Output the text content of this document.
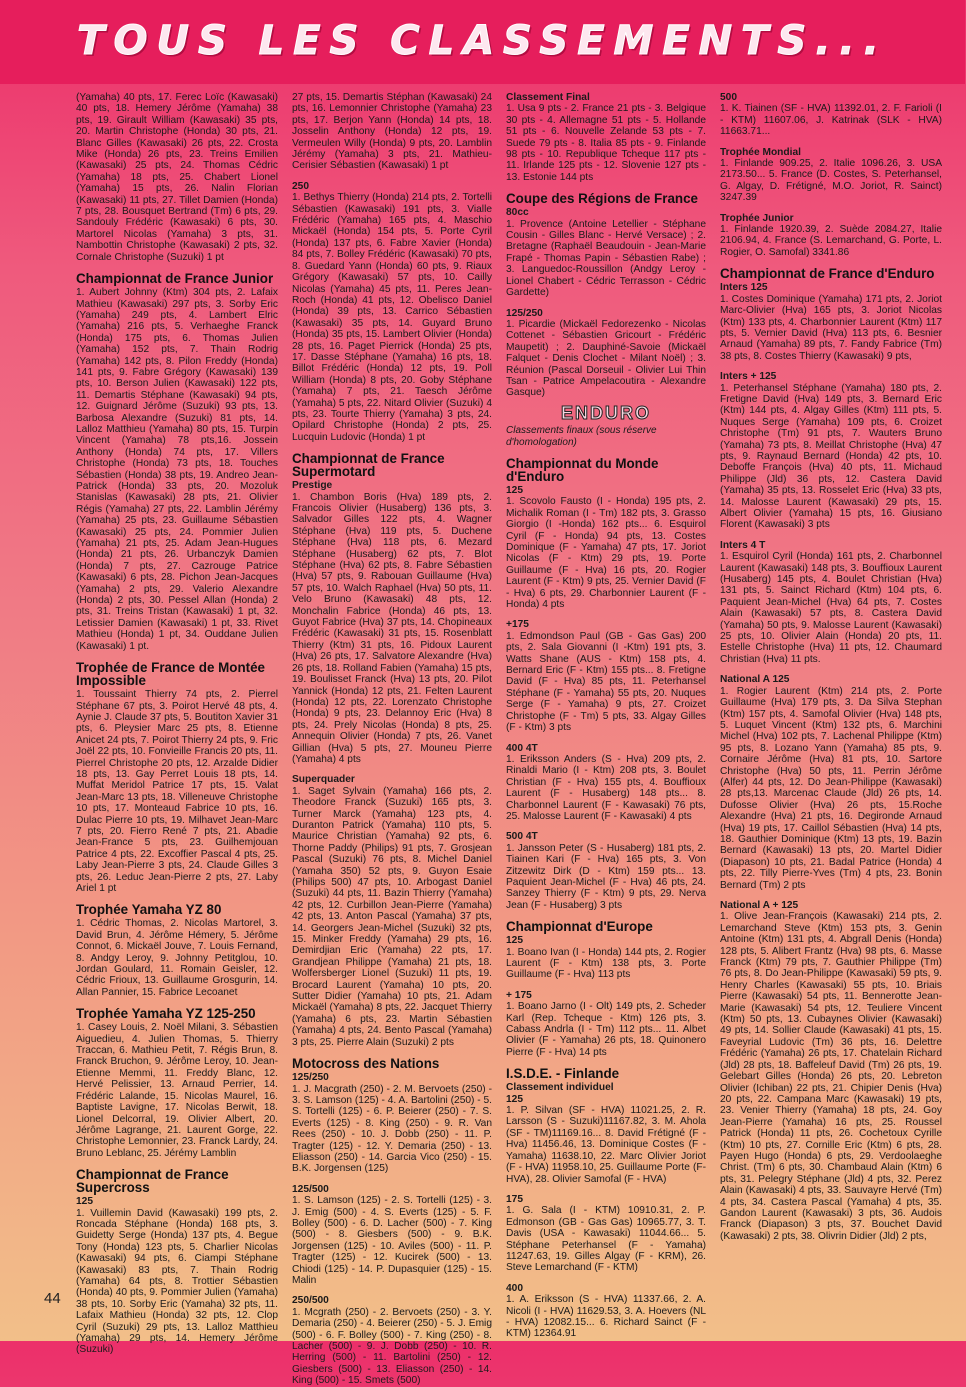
TOUS LES CLASSEMENTS...

(Yamaha) 40 pts, 17. Ferec Loïc (Kawasaki) 40 pts, 18. Hemery Jérôme (Yamaha) 38 pts, 19. Girault William (Kawasaki) 35 pts, 20. Martin Christophe (Honda) 30 pts, 21. Blanc Gilles (Kawasaki) 26 pts, 22. Crosta Mike (Honda) 26 pts, 23. Treins Emilien (Kawasaki) 25 pts, 24. Thomas Cédric (Yamaha) 18 pts, 25. Chabert Lionel (Yamaha) 15 pts, 26. Nalin Florian (Kawasaki) 11 pts, 27. Tillet Damien (Honda) 7 pts, 28. Bousquet Bertrand (Tm) 6 pts, 29. Sandouly Frédéric (Kawasaki) 6 pts, 30. Martorel Nicolas (Yamaha) 3 pts, 31. Nambottin Christophe (Kawasaki) 2 pts, 32. Cornale Christophe (Suzuki) 1 pt

Championnat de France Junior

1. Aubert Johnny (Ktm) 304 pts, 2. Lafaix Mathieu (Kawasaki) 297 pts, 3. Sorby Eric (Yamaha) 249 pts, 4. Lambert Elric (Yamaha) 216 pts, 5. Verhaeghe Franck (Honda) 175 pts, 6. Thomas Julien (Yamaha) 152 pts, 7. Thain Rodrig (Yamaha) 142 pts, 8. Pilon Freddy (Honda) 141 pts, 9. Fabre Grégory (Kawasaki) 139 pts, 10. Berson Julien (Kawasaki) 122 pts, 11. Demartis Stéphane (Kawasaki) 94 pts, 12. Guignard Jérôme (Suzuki) 93 pts, 13. Barbosa Alexandre (Suzuki) 81 pts, 14. Lalloz Matthieu (Yamaha) 80 pts, 15. Turpin Vincent (Yamaha) 78 pts,16. Jossein Anthony (Honda) 74 pts, 17. Villers Christophe (Honda) 73 pts, 18. Touches Sébastien (Honda) 38 pts, 19. Andreo Jean-Patrick (Honda) 33 pts, 20. Mozoluk Stanislas (Kawasaki) 28 pts, 21. Olivier Régis (Yamaha) 27 pts, 22. Lamblin Jérémy (Yamaha) 25 pts, 23. Guillaume Sébastien (Kawasaki) 25 pts, 24. Pommier Julien (Yamaha) 21 pts, 25. Adam Jean-Hugues (Honda) 21 pts, 26. Urbanczyk Damien (Honda) 7 pts, 27. Cazrouge Patrice (Kawasaki) 6 pts, 28. Pichon Jean-Jacques (Yamaha) 2 pts, 29. Valerio Alexandre (Honda) 2 pts, 30. Pessel Allan (Honda) 2 pts, 31. Treins Tristan (Kawasaki) 1 pt, 32. Letissier Damien (Kawasaki) 1 pt, 33. Rivet Mathieu (Honda) 1 pt, 34. Ouddane Julien (Kawasaki) 1 pt.

Trophée de France de Montée Impossible

1. Toussaint Thierry 74 pts, 2. Pierrel Stéphane 67 pts, 3. Poirot Hervé 48 pts, 4. Aynie J. Claude 37 pts, 5. Boutiton Xavier 31 pts, 6. Pleysier Marc 25 pts, 8. Etienne Anicet 24 pts, 7. Poirot Thierry 24 pts, 9. Fric Joël 22 pts, 10. Fonvieille Francis 20 pts, 11. Pierrel Christophe 20 pts, 12. Arzalde Didier 18 pts, 13. Gay Perret Louis 18 pts, 14. Muffat Meridol Patrice 17 pts, 15. Valat Jean-Marc 13 pts, 18. Villeneuve Christophe 10 pts, 17. Monteaud Fabrice 10 pts, 16. Dulac Pierre 10 pts, 19. Milhavet Jean-Marc 7 pts, 20. Fierro René 7 pts, 21. Abadie Jean-France 5 pts, 23. Guilhemjouan Patrice 4 pts, 22. Excoffier Pascal 4 pts, 25. Laby Jean-Pierre 3 pts, 24. Claude Gilles 3 pts, 26. Leduc Jean-Pierre 2 pts, 27. Laby Ariel 1 pt

Trophée Yamaha YZ 80

1. Cédric Thomas, 2. Nicolas Martorel, 3. David Brun, 4. Jérôme Hémery, 5. Jérôme Connot, 6. Mickaël Jouve, 7. Louis Fernand, 8. Andgy Leroy, 9. Johnny Petitglou, 10. Jordan Goulard, 11. Romain Geisler, 12. Cédric Frioux, 13. Guillaume Grosgurin, 14. Allan Pannier, 15. Fabrice Lecoanet

Trophée Yamaha YZ 125-250

1. Casey Louis, 2. Noël Milani, 3. Sébastien Aiguedieu, 4. Julien Thomas, 5. Thierry Traccan, 6. Mathieu Petit, 7. Régis Brun, 8. Franck Bruchon, 9. Jérôme Leroy, 10. Jean-Etienne Memmi, 11. Freddy Blanc, 12. Hervé Pelissier, 13. Arnaud Perrier, 14. Frédéric Lalande, 15. Nicolas Maurel, 16. Baptiste Lavigne, 17. Nicolas Berwit, 18. Lionel Delcorral, 19. Olivier Albert, 20. Jérôme Lagrange, 21. Laurent Gorge, 22. Christophe Lemonnier, 23. Franck Lardy, 24. Bruno Leblanc, 25. Jérémy Lamblin

Championnat de France Supercross
125

1. Vuillemin David (Kawasaki) 199 pts, 2. Roncada Stéphane (Honda) 168 pts, 3. Guidetty Serge (Honda) 137 pts, 4. Begue Tony (Honda) 123 pts, 5. Charlier Nicolas (Kawasaki) 94 pts, 6. Ciampi Stéphane (Kawasaki) 83 pts, 7. Thain Rodrig (Yamaha) 64 pts, 8. Trottier Sébastien (Honda) 40 pts, 9. Pommier Julien (Yamaha) 38 pts, 10. Sorby Eric (Yamaha) 32 pts, 11. Lafaix Mathieu (Honda) 32 pts, 12. Clop Cyril (Suzuki) 29 pts, 13. Lalloz Matthieu (Yamaha) 29 pts, 14. Hemery Jérôme (Suzuki)

27 pts, 15. Demartis Stéphan (Kawasaki) 24 pts, 16. Lemonnier Christophe (Yamaha) 23 pts, 17. Berjon Yann (Honda) 14 pts, 18. Josselin Anthony (Honda) 12 pts, 19. Vermeulen Willy (Honda) 9 pts, 20. Lamblin Jérémy (Yamaha) 3 pts, 21. Mathieu-Cerisier Sébastien (Kawasaki) 1 pt

250

1. Bethys Thierry (Honda) 214 pts, 2. Tortelli Sébastien (Kawasaki) 191 pts, 3. Vialle Frédéric (Yamaha) 165 pts, 4. Maschio Mickaël (Honda) 154 pts, 5. Porte Cyril (Honda) 137 pts, 6. Fabre Xavier (Honda) 84 pts, 7. Bolley Frédéric (Kawasaki) 70 pts, 8. Guedard Yann (Honda) 60 pts, 9. Riaux Grégory (Kawasaki) 57 pts, 10. Cailly Nicolas (Yamaha) 45 pts, 11. Peres Jean-Roch (Honda) 41 pts, 12. Obelisco Daniel (Honda) 39 pts, 13. Carrico Sébastien (Kawasaki) 35 pts, 14. Guyard Bruno (Honda) 35 pts, 15. Lambert Olivier (Honda) 28 pts, 16. Paget Pierrick (Honda) 25 pts, 17. Dasse Stéphane (Yamaha) 16 pts, 18. Billot Frédéric (Honda) 12 pts, 19. Poll William (Honda) 8 pts, 20. Goby Stéphane (Yamaha) 7 pts, 21. Taesch Jérôme (Yamaha) 5 pts, 22. Nitard Olivier (Suzuki) 4 pts, 23. Tourte Thierry (Yamaha) 3 pts, 24. Opilard Christophe (Honda) 2 pts, 25. Lucquin Ludovic (Honda) 1 pt

Championnat de France Supermotard
Prestige

1. Chambon Boris (Hva) 189 pts, 2. Francois Olivier (Husaberg) 136 pts, 3. Salvador Gilles 122 pts, 4. Wagner Stéphane (Hva) 119 pts, 5. Duchene Stéphane (Hva) 118 pts, 6. Mezard Stéphane (Husaberg) 62 pts, 7. Blot Stéphane (Hva) 62 pts, 8. Fabre Sébastien (Hva) 57 pts, 9. Rabouan Guillaume (Hva) 57 pts, 10. Walch Raphael (Hva) 50 pts, 11. Velo Bruno (Kawasaki) 48 pts, 12. Monchalin Fabrice (Honda) 46 pts, 13. Guyot Fabrice (Hva) 37 pts, 14. Chopineaux Frédéric (Kawasaki) 31 pts, 15. Rosenblatt Thierry (Ktm) 31 pts, 16. Pidoux Laurent (Hva) 26 pts, 17. Salvatore Alexandre (Hva) 26 pts, 18. Rolland Fabien (Yamaha) 15 pts, 19. Boulisset Franck (Hva) 13 pts, 20. Pilot Yannick (Honda) 12 pts, 21. Felten Laurent (Honda) 12 pts, 22. Lorenzato Christophe (Honda) 9 pts, 23. Delannoy Eric (Hva) 8 pts, 24. Prely Nicolas (Honda) 8 pts, 25. Annequin Olivier (Honda) 7 pts, 26. Vanet Gillian (Hva) 5 pts, 27. Mouneu Pierre (Yamaha) 4 pts

Superquader

1. Saget Sylvain (Yamaha) 166 pts, 2. Theodore Franck (Suzuki) 165 pts, 3. Turner Marck (Yamaha) 123 pts, 4. Duranton Patrick (Yamaha) 110 pts, 5. Maurice Christian (Yamaha) 92 pts, 6. Thorne Paddy (Philips) 91 pts, 7. Grosjean Pascal (Suzuki) 76 pts, 8. Michel Daniel (Yamaha 350) 52 pts, 9. Guyon Esaie (Philips 500) 47 pts, 10. Arbogast Daniel (Suzuki) 44 pts, 11. Bazin Thierry (Yamaha) 42 pts, 12. Curbillon Jean-Pierre (Yamaha) 42 pts, 13. Anton Pascal (Yamaha) 37 pts, 14. Georgers Jean-Michel (Suzuki) 32 pts, 15. Minker Freddy (Yamaha) 29 pts, 16. Demirdjian Eric (Yamaha) 22 pts, 17. Grandjean Philippe (Yamaha) 21 pts, 18. Wolfersberger Lionel (Suzuki) 11 pts, 19. Brocard Laurent (Yamaha) 10 pts, 20. Sutter Didier (Yamaha) 10 pts, 21. Adam Mickaël (Yamaha) 8 pts, 22. Jacquet Thierry (Yamaha) 6 pts, 23. Martin Sébastien (Yamaha) 4 pts, 24. Bento Pascal (Yamaha) 3 pts, 25. Pierre Alain (Suzuki) 2 pts

Motocross des Nations
125/250

1. J. Macgrath (250) - 2. M. Bervoets (250) - 3. S. Lamson (125) - 4. A. Bartolini (250) - 5. S. Tortelli (125) - 6. P. Beierer (250) - 7. S. Everts (125) - 8. King (250) - 9. R. Van Rees (250) - 10. J. Dobb (250) - 11. P. Tragter (125) - 12. Y. Demaria (250) - 13. Eliasson (250) - 14. Garcia Vico (250) - 15. B.K. Jorgensen (125)

125/500

1. S. Lamson (125) - 2. S. Tortelli (125) - 3. J. Emig (500) - 4. S. Everts (125) - 5. F. Bolley (500) - 6. D. Lacher (500) - 7. King (500) - 8. Giesbers (500) - 9. B.K. Jorgensen (125) - 10. Aviles (500) - 11. P. Tragter (125) - 12. Kucirek (500) - 13. Chiodi (125) - 14. P. Dupasquier (125) - 15. Malin

250/500

1. Mcgrath (250) - 2. Bervoets (250) - 3. Y. Demaria (250) - 4. Beierer (250) - 5. J. Emig (500) - 6. F. Bolley (500) - 7. King (250) - 8. Lacher (500) - 9. J. Dobb (250) - 10. R. Herring (500) - 11. Bartolini (250) - 12. Giesbers (500) - 13. Eliasson (250) - 14. King (500) - 15. Smets (500)

Classement Final

1. Usa 9 pts - 2. France 21 pts - 3. Belgique 30 pts - 4. Allemagne 51 pts - 5. Hollande 51 pts - 6. Nouvelle Zelande 53 pts - 7. Suede 79 pts - 8. Italia 85 pts - 9. Finlande 98 pts - 10. Republique Tcheque 117 pts - 11. Irlande 125 pts - 12. Slovenie 127 pts - 13. Estonie 144 pts

Coupe des Régions de France
80cc

1. Provence (Antoine Letellier - Stéphane Cousin - Gilles Blanc - Hervé Versace) ; 2. Bretagne (Raphaël Beaudouin - Jean-Marie Frapé - Thomas Papin - Sébastien Rabe) ; 3. Languedoc-Roussillon (Andgy Leroy - Lionel Chabert - Cédric Terrasson - Cédric Gardette)

125/250

1. Picardie (Mickaël Fedorezenko - Nicolas Cottenet - Sébastien Gricourt - Frédéric Maupetit) ; 2. Dauphiné-Savoie (Mickaël Falquet - Denis Clochet - Milant Noël) ; 3. Réunion (Pascal Dorseuil - Olivier Lui Thin Tsan - Patrice Ampelacoutira - Alexandre Gasque)

ENDURO

Classements finaux (sous réserve d'homologation)

Championnat du Monde d'Enduro
125

1. Scovolo Fausto (I - Honda) 195 pts, 2. Michalik Roman (I - Tm) 182 pts, 3. Grasso Giorgio (I -Honda) 162 pts... 6. Esquirol Cyril (F - Honda) 94 pts, 13. Costes Dominique (F - Yamaha) 47 pts, 17. Joriot Nicolas (F - Ktm) 29 pts, 19. Porte Guillaume (F - Hva) 16 pts, 20. Rogier Laurent (F - Ktm) 9 pts, 25. Vernier David (F - Hva) 6 pts, 29. Charbonnier Laurent (F - Honda) 4 pts

+175

1. Edmondson Paul (GB - Gas Gas) 200 pts, 2. Sala Giovanni (I -Ktm) 191 pts, 3. Watts Shane (AUS - Ktm) 158 pts, 4. Bernard Eric (F - Ktm) 155 pts... 8. Fretigne David (F - Hva) 85 pts, 11. Peterhansel Stéphane (F - Yamaha) 55 pts, 20. Nuques Serge (F - Yamaha) 9 pts, 27. Croizet Christophe (F - Tm) 5 pts, 33. Algay Gilles (F - Ktm) 3 pts

400 4T

1. Eriksson Anders (S - Hva) 209 pts, 2. Rinaldi Mario (I - Ktm) 208 pts, 3. Boulet Christian (F - Hva) 155 pts, 4. Bouffioux Laurent (F - Husaberg) 148 pts... 8. Charbonnel Laurent (F - Kawasaki) 76 pts, 25. Malosse Laurent (F - Kawasaki) 4 pts

500 4T

1. Jansson Peter (S - Husaberg) 181 pts, 2. Tiainen Kari (F - Hva) 165 pts, 3. Von Zitzewitz Dirk (D - Ktm) 159 pts... 13. Paquient Jean-Michel (F - Hva) 46 pts, 24. Sanzey Thierry (F - Ktm) 9 pts, 29. Nerva Jean (F - Husaberg) 3 pts

Championnat d'Europe
125

1. Boano Ivan (I - Honda) 144 pts, 2. Rogier Laurent (F - Ktm) 138 pts, 3. Porte Guillaume (F - Hva) 113 pts

+ 175

1. Boano Jarno (I - Olt) 149 pts, 2. Scheder Karl (Rep. Tcheque - Ktm) 126 pts, 3. Cabass Andrla (I - Tm) 112 pts... 11. Albet Olivier (F - Yamaha) 26 pts, 18. Quinonero Pierre (F - Hva) 14 pts

I.S.D.E. - Finlande
Classement individuel
125

1. P. Silvan (SF - HVA) 11021.25, 2. R. Larsson (S - Suzuki)11167.82, 3. M. Ahola (SF - TM)11169.16... 8. David Frétigné (F - Hva) 11456.46, 13. Dominique Costes (F - Yamaha) 11638.10, 22. Marc Olivier Joriot (F - HVA) 11958.10, 25. Guillaume Porte (F- HVA), 28. Olivier Samofal (F - HVA)

175

1. G. Sala (I - KTM) 10910.31, 2. P. Edmonson (GB - Gas Gas) 10965.77, 3. T. Davis (USA - Kawasaki) 11044.66... 5. Stéphane Peterhansel (F - Yamaha) 11247.63, 19. Gilles Algay (F - KRM), 26. Steve Lemarchand (F - KTM)

400

1. A. Eriksson (S - HVA) 11337.66, 2. A. Nicoli (I - HVA) 11629.53, 3. A. Hoevers (NL - HVA) 12082.15... 6. Richard Sainct (F - KTM) 12364.91

500

1. K. Tiainen (SF - HVA) 11392.01, 2. F. Farioli (I - KTM) 11607.06, J. Katrinak (SLK - HVA) 11663.71...

Trophée Mondial

1. Finlande 909.25, 2. Italie 1096.26, 3. USA 2173.50... 5. France (D. Costes, S. Peterhansel, G. Algay, D. Frétigné, M.O. Joriot, R. Sainct) 3247.39

Trophée Junior

1. Finlande 1920.39, 2. Suède 2084.27, Italie 2106.94, 4. France (S. Lemarchand, G. Porte, L. Rogier, O. Samofal) 3341.86

Championnat de France d'Enduro
Inters 125

1. Costes Dominique (Yamaha) 171 pts, 2. Joriot Marc-Olivier (Hva) 165 pts, 3. Joriot Nicolas (Ktm) 133 pts, 4. Charbonnier Laurent (Ktm) 117 pts, 5. Vernier David (Hva) 113 pts, 6. Besnier Arnaud (Yamaha) 89 pts, 7. Fandy Fabrice (Tm) 38 pts, 8. Costes Thierry (Kawasaki) 9 pts,

Inters + 125

1. Peterhansel Stéphane (Yamaha) 180 pts, 2. Fretigne David (Hva) 149 pts, 3. Bernard Eric (Ktm) 144 pts, 4. Algay Gilles (Ktm) 111 pts, 5. Nuques Serge (Yamaha) 109 pts, 6. Croizet Christophe (Tm) 91 pts, 7. Wauters Bruno (Yamaha) 73 pts, 8. Meillat Christophe (Hva) 47 pts, 9. Raynaud Bernard (Honda) 42 pts, 10. Deboffe François (Hva) 40 pts, 11. Michaud Philippe (Jld) 36 pts, 12. Castera David (Yamaha) 35 pts, 13. Rosselet Eric (Hva) 33 pts, 14. Malosse Laurent (Kawasaki) 29 pts, 15. Albert Olivier (Yamaha) 15 pts, 16. Giusiano Florent (Kawasaki) 3 pts

Inters 4 T

1. Esquirol Cyril (Honda) 161 pts, 2. Charbonnel Laurent (Kawasaki) 148 pts, 3. Bouffioux Laurent (Husaberg) 145 pts, 4. Boulet Christian (Hva) 131 pts, 5. Sainct Richard (Ktm) 104 pts, 6. Paquient Jean-Michel (Hva) 64 pts, 7. Costes Alain (Kawasaki) 57 pts, 8. Castera David (Yamaha) 50 pts, 9. Malosse Laurent (Kawasaki) 25 pts, 10. Olivier Alain (Honda) 20 pts, 11. Estelle Christophe (Hva) 11 pts, 12. Chaumard Christian (Hva) 11 pts.

National A 125

1. Rogier Laurent (Ktm) 214 pts, 2. Porte Guillaume (Hva) 179 pts, 3. Da Silva Stephan (Ktm) 157 pts, 4. Samofal Olivier (Hva) 148 pts, 5. Luquet Vincent (Ktm) 132 pts, 6. Marchini Michel (Hva) 102 pts, 7. Lachenal Philippe (Ktm) 95 pts, 8. Lozano Yann (Yamaha) 85 pts, 9. Cornaire Jérôme (Hva) 81 pts, 10. Sartore Christophe (Hva) 50 pts, 11. Perrin Jérôme (Alfer) 44 pts, 12. Do Jean-Philippe (Kawasaki) 28 pts,13. Marcenac Claude (Jld) 26 pts, 14. Dufosse Olivier (Hva) 26 pts, 15.Roche Alexandre (Hva) 21 pts, 16. Degironde Arnaud (Hva) 19 pts, 17. Caillol Sébastien (Hva) 14 pts, 18. Gauthier Dominique (Ktm) 13 pts, 19. Bazin Bernard (Kawasaki) 13 pts, 20. Martel Didier (Diapason) 10 pts, 21. Badal Patrice (Honda) 4 pts, 22. Tilly Pierre-Yves (Tm) 4 pts, 23. Bonin Bernard (Tm) 2 pts

National A + 125

1. Olive Jean-François (Kawasaki) 214 pts, 2. Lemarchand Steve (Ktm) 153 pts, 3. Genin Antoine (Ktm) 131 pts, 4. Abgrall Denis (Honda) 128 pts, 5. Alibert Frantz (Hva) 98 pts, 6. Masse Franck (Ktm) 79 pts, 7. Gauthier Philippe (Tm) 76 pts, 8. Do Jean-Philippe (Kawasaki) 59 pts, 9. Henry Charles (Kawasaki) 55 pts, 10. Briais Pierre (Kawasaki) 54 pts, 11. Bennerotte Jean-Marie (Kawasaki) 54 pts, 12. Teuliere Vincent (Ktm) 50 pts, 13. Cubaynes Olivier (Kawasaki) 49 pts, 14. Sollier Claude (Kawasaki) 41 pts, 15. Faveyrial Ludovic (Tm) 36 pts, 16. Delettre Frédéric (Yamaha) 26 pts, 17. Chatelain Richard (Jld) 28 pts, 18. Baffeleuf David (Tm) 26 pts, 19. Gelebart Gilles (Honda) 26 pts, 20. Lebreton Olivier (Ichiban) 22 pts, 21. Chipier Denis (Hva) 20 pts, 22. Campana Marc (Kawasaki) 19 pts, 23. Venier Thierry (Yamaha) 18 pts, 24. Goy Jean-Pierre (Yamaha) 16 pts, 25. Roussel Patrick (Honda) 11 pts, 26. Cochetoux Cyrille (Ktm) 10 pts, 27. Cornille Eric (Ktm) 6 pts, 28. Payen Hugo (Honda) 6 pts, 29. Verdoolaeghe Christ. (Tm) 6 pts, 30. Chambaud Alain (Ktm) 6 pts, 31. Pelegry Stéphane (Jld) 4 pts, 32. Perez Alain (Kawasaki) 4 pts, 33. Sauvayre Hervé (Tm) 4 pts, 34. Castera Pascal (Yamaha) 4 pts, 35. Gandon Laurent (Kawasaki) 3 pts, 36. Audois Franck (Diapason) 3 pts, 37. Bouchet David (Kawasaki) 2 pts, 38. Olivrin Didier (Jld) 2 pts,

44
